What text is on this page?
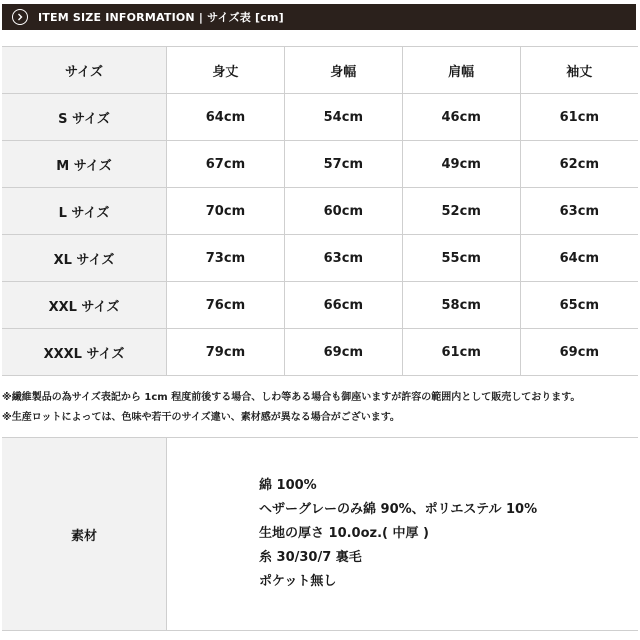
ITEM SIZE INFORMATION | サイズ表 [cm]
サイズ	身丈	身幅	肩幅	袖丈
S サイズ	64cm	54cm	46cm	61cm
M サイズ	67cm	57cm	49cm	62cm
L サイズ	70cm	60cm	52cm	63cm
XL サイズ	73cm	63cm	55cm	64cm
XXL サイズ	76cm	66cm	58cm	65cm
XXXL サイズ	79cm	69cm	61cm	69cm
※繊維製品の為サイズ表記から 1cm 程度前後する場合、しわ等ある場合も御座いますが許容の範囲内として販売しております。
※生産ロットによっては、色味や若干のサイズ違い、素材感が異なる場合がございます。
素材
綿 100%
ヘザーグレーのみ綿 90%、ポリエステル 10%
生地の厚さ 10.0oz.( 中厚 )
糸 30/30/7 裏毛
ポケット無し
